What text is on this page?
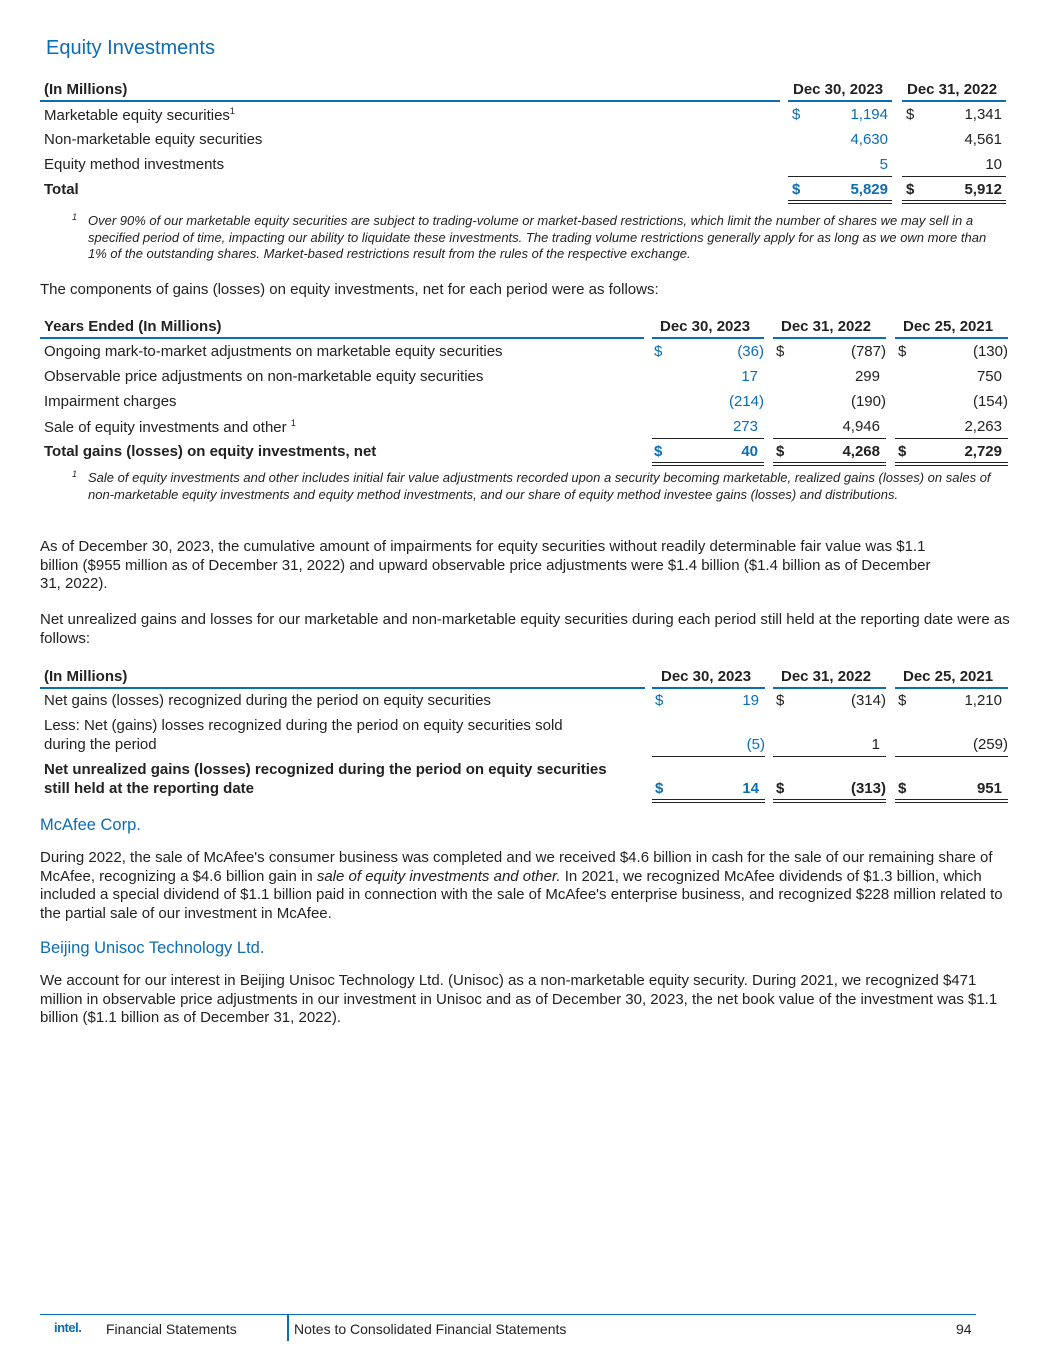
Equity Investments
(In Millions)	Dec 30, 2023 Dec 31, 2022
Marketable equity securities$^1$	$	1,194 $	1,341
Non-marketable equity securities	4,630	4,561
Equity method investments	5	10
Total	$	5,829 $	5,912
$^1$ Over 90% of our marketable equity securities are subject to trading-volume or market-based restrictions, which limit the number of shares we may sell in a specified period of time, impacting our ability to liquidate these investments. The trading volume restrictions generally apply for as long as we own more than 1% of the outstanding shares. Market-based restrictions result from the rules of the respective exchange.
The components of gains (losses) on equity investments, net for each period were as follows:
Years Ended (In Millions)	Dec 30, 2023 Dec 31, 2022 Dec 25, 2021
Ongoing mark-to-market adjustments on marketable equity securities	$	(36) $	(787) $	(130)
Observable price adjustments on non-marketable equity securities	17	299	750
Impairment charges	(214)	(190)	(154)
Sale of equity investments and other $^1$	273	4,946	2,263
Total gains (losses) on equity investments, net	$	40 $	4,268 $	2,729
$^1$ Sale of equity investments and other includes initial fair value adjustments recorded upon a security becoming marketable, realized gains (losses) on sales of non-marketable equity investments and equity method investments, and our share of equity method investee gains (losses) and distributions.
As of December 30, 2023, the cumulative amount of impairments for equity securities without readily determinable fair value was $1.1 billion ($955 million as of December 31, 2022) and upward observable price adjustments were $1.4 billion ($1.4 billion as of December 31, 2022).
Net unrealized gains and losses for our marketable and non-marketable equity securities during each period still held at the reporting date were as follows:
(In Millions)	Dec 30, 2023 Dec 31, 2022 Dec 25, 2021
Net gains (losses) recognized during the period on equity securities	$	19 $	(314) $	1,210
Less: Net (gains) losses recognized during the period on equity securities sold
during the period	(5)	1	(259)
Net unrealized gains (losses) recognized during the period on equity securities
still held at the reporting date	$	14 $	(313) $	951
McAfee Corp.
During 2022, the sale of McAfee's consumer business was completed and we received $4.6 billion in cash for the sale of our remaining share of McAfee, recognizing a $4.6 billion gain in sale of equity investments and other. In 2021, we recognized McAfee dividends of $1.3 billion, which included a special dividend of $1.1 billion paid in connection with the sale of McAfee's enterprise business, and recognized $228 million related to the partial sale of our investment in McAfee.
Beijing Unisoc Technology Ltd.
We account for our interest in Beijing Unisoc Technology Ltd. (Unisoc) as a non-marketable equity security. During 2021, we recognized $471 million in observable price adjustments in our investment in Unisoc and as of December 30, 2023, the net book value of the investment was $1.1 billion ($1.1 billion as of December 31, 2022).
intel. Financial Statements	Notes to Consolidated Financial Statements	94
